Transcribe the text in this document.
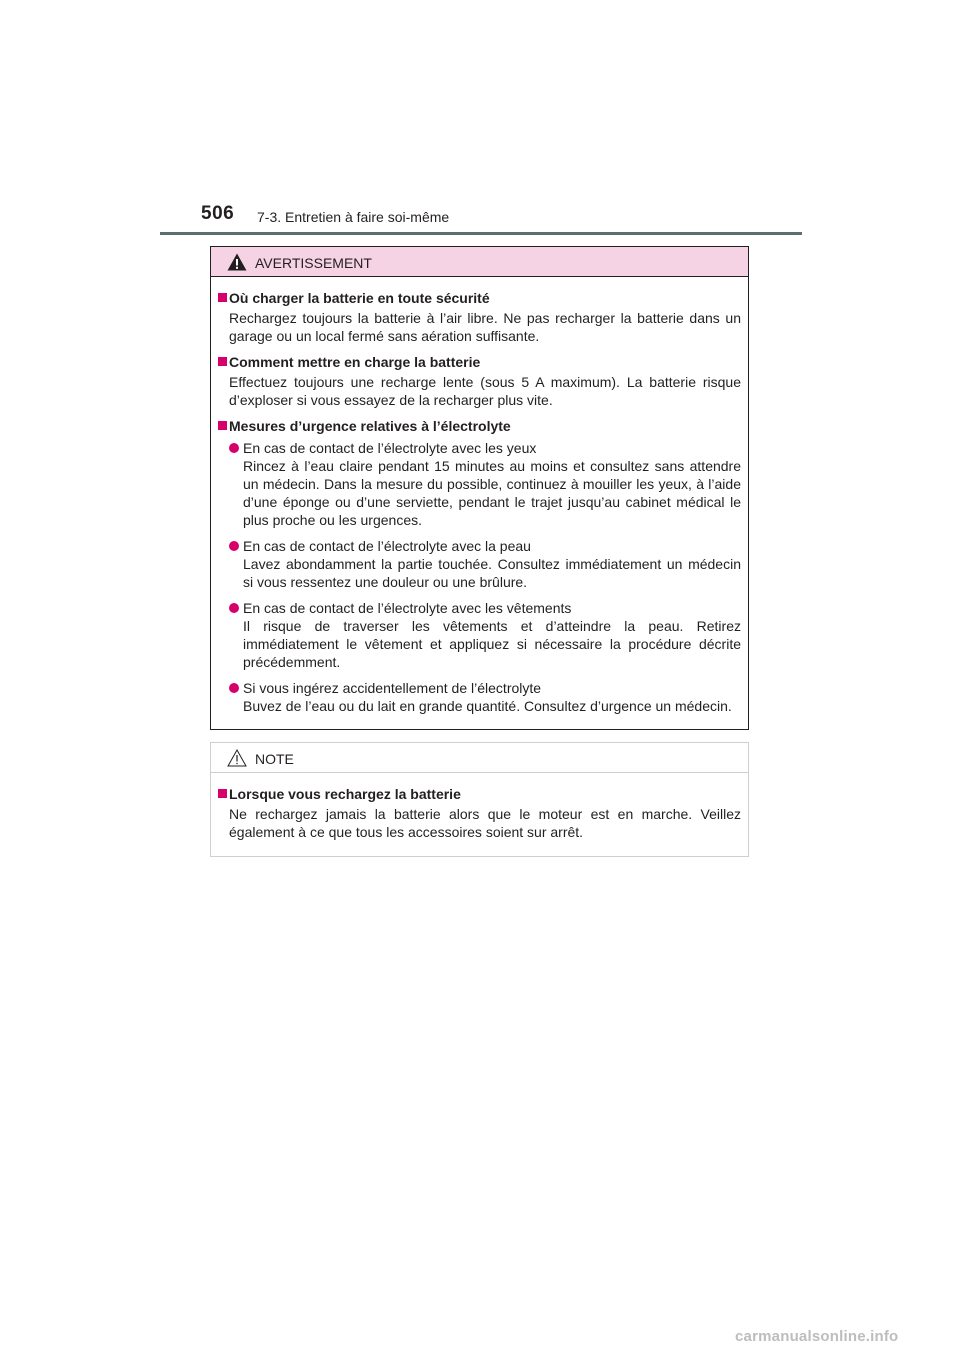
506 7-3. Entretien à faire soi-même
AVERTISSEMENT
Où charger la batterie en toute sécurité

Rechargez toujours la batterie à l’air libre. Ne pas recharger la batterie dans un garage ou un local fermé sans aération suffisante.

Comment mettre en charge la batterie

Effectuez toujours une recharge lente (sous 5 A maximum). La batterie risque d’exploser si vous essayez de la recharger plus vite.

Mesures d’urgence relatives à l’électrolyte

En cas de contact de l’électrolyte avec les yeux

Rincez à l’eau claire pendant 15 minutes au moins et consultez sans attendre un médecin. Dans la mesure du possible, continuez à mouiller les yeux, à l’aide d’une éponge ou d’une serviette, pendant le trajet jusqu’au cabinet médical le plus proche ou les urgences.

En cas de contact de l’électrolyte avec la peau

Lavez abondamment la partie touchée. Consultez immédiatement un médecin si vous ressentez une douleur ou une brûlure.

En cas de contact de l’électrolyte avec les vêtements

Il risque de traverser les vêtements et d’atteindre la peau. Retirez immédiatement le vêtement et appliquez si nécessaire la procédure décrite précédemment.

Si vous ingérez accidentellement de l’électrolyte

Buvez de l’eau ou du lait en grande quantité. Consultez d’urgence un médecin.

NOTE
Lorsque vous rechargez la batterie

Ne rechargez jamais la batterie alors que le moteur est en marche. Veillez également à ce que tous les accessoires soient sur arrêt.

carmanualsonline.info
